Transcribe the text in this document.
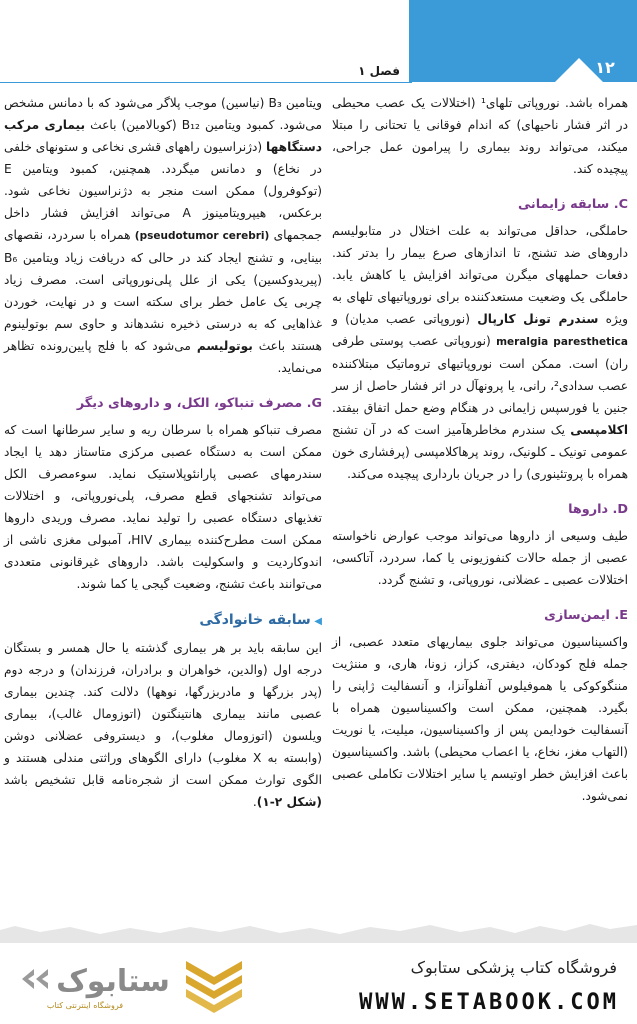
۱۲
فصل ۱

همراه باشد. نوروپاتی تلهای¹ (اختلالات یک عصب محیطی در اثر فشار ناحیهای) که اندام فوقانی یا تحتانی را مبتلا میکند، می‌تواند روند بیماری را پیرامون عمل جراحی، پیچیده کند.

C. سابقه زایمانی

حاملگی، حداقل می‌تواند به علت اختلال در متابولیسم داروهای ضد تشنج، تا اندازهای صرع بیمار را بدتر کند. دفعات حملههای میگرن می‌تواند افزایش یا کاهش یابد. حاملگی یک وضعیت مستعدکننده برای نوروپاتیهای تلهای به ویژه سندرم تونل کارپال (نوروپاتی عصب مدیان) و meralgia paresthetica (نوروپاتی عصب پوستی طرفی ران) است. ممکن است نوروپاتیهای تروماتیک مبتلاکننده عصب سدادی²، رانی، یا پرونهآل در اثر فشار حاصل از سر جنین یا فورسپس زایمانی در هنگام وضع حمل اتفاق بیفتد. اکلامپسی یک سندرم مخاطرهآمیز است که در آن تشنج عمومی تونیک ـ کلونیک، روند پرهاکلامپسی (پرفشاری خون همراه با پروتئینوری) را در جریان بارداری پیچیده می‌کند.

D. داروها

طیف وسیعی از داروها می‌تواند موجب عوارض ناخواسته عصبی از جمله حالات کنفوزیونی یا کما، سردرد، آتاکسی، اختلالات عصبی ـ عضلانی، نوروپاتی، و تشنج گردد.

E. ایمن‌سازی

واکسیناسیون می‌تواند جلوی بیماریهای متعدد عصبی، از جمله فلج کودکان، دیفتری، کزاز، زونا، هاری، و مننژیت مننگوکوکی یا هموفیلوس آنفلوآنزا، و آنسفالیت ژاپنی را بگیرد. همچنین، ممکن است واکسیناسیون همراه با آنسفالیت خودایمن پس از واکسیناسیون، میلیت، یا نوریت (التهاب مغز، نخاع، یا اعصاب محیطی) باشد. واکسیناسیون باعث افزایش خطر اوتیسم یا سایر اختلالات تکاملی عصبی نمی‌شود.

ویتامین B₃ (نیاسین) موجب پلاگر می‌شود که با دمانس مشخص می‌شود. کمبود ویتامین B₁₂ (کوبالامین) باعث بیماری مرکب دستگاهها (دژنراسیون راههای قشری نخاعی و ستونهای خلفی در نخاع) و دمانس میگردد. همچنین، کمبود ویتامین E (توکوفرول) ممکن است منجر به دژنراسیون نخاعی شود. برعکس، هیپرویتامینوز A می‌تواند افزایش فشار داخل جمجمهای (pseudotumor cerebri) همراه با سردرد، نقصهای بینایی، و تشنج ایجاد کند در حالی که دریافت زیاد ویتامین B₆ (پیریدوکسین) یکی از علل پلی‌نوروپاتی است. مصرف زیاد چربی یک عامل خطر برای سکته است و در نهایت، خوردن غذاهایی که به درستی ذخیره نشدهاند و حاوی سم بوتولینوم هستند باعث بوتولیسم می‌شود که با فلج پایین‌رونده تظاهر می‌نماید.

G. مصرف تنباکو، الکل، و داروهای دیگر

مصرف تنباکو همراه با سرطان ریه و سایر سرطانها است که ممکن است به دستگاه عصبی مرکزی متاستاز دهد یا ایجاد سندرمهای عصبی پارانئوپلاستیک نماید. سوءمصرف الکل می‌تواند تشنجهای قطع مصرف، پلی‌نوروپاتی، و اختلالات تغذیهای دستگاه عصبی را تولید نماید. مصرف وریدی داروها ممکن است مطرح‌کننده بیماری HIV، آمبولی مغزی ناشی از اندوکاردیت و واسکولیت باشد. داروهای غیرقانونی متعددی می‌توانند باعث تشنج، وضعیت گیجی یا کما شوند.

◀ سابقه خانوادگی

این سابقه باید بر هر بیماری گذشته یا حال همسر و بستگان درجه اول (والدین، خواهران و برادران، فرزندان) و درجه دوم (پدر بزرگها و مادربزرگها، نوهها) دلالت کند. چندین بیماری عصبی مانند بیماری هانتینگتون (اتوزومال غالب)، بیماری ویلسون (اتوزومال مغلوب)، و دیستروفی عضلانی دوشن (وابسته به X مغلوب) دارای الگوهای وراثتی مندلی هستند و الگوی توارث ممکن است از شجره‌نامه قابل تشخیص باشد (شکل ۲-۱).

فروشگاه کتاب پزشکی ستابوک
WWW.SETABOOK.COM
ستابوک
فروشگاه اینترنتی کتاب
